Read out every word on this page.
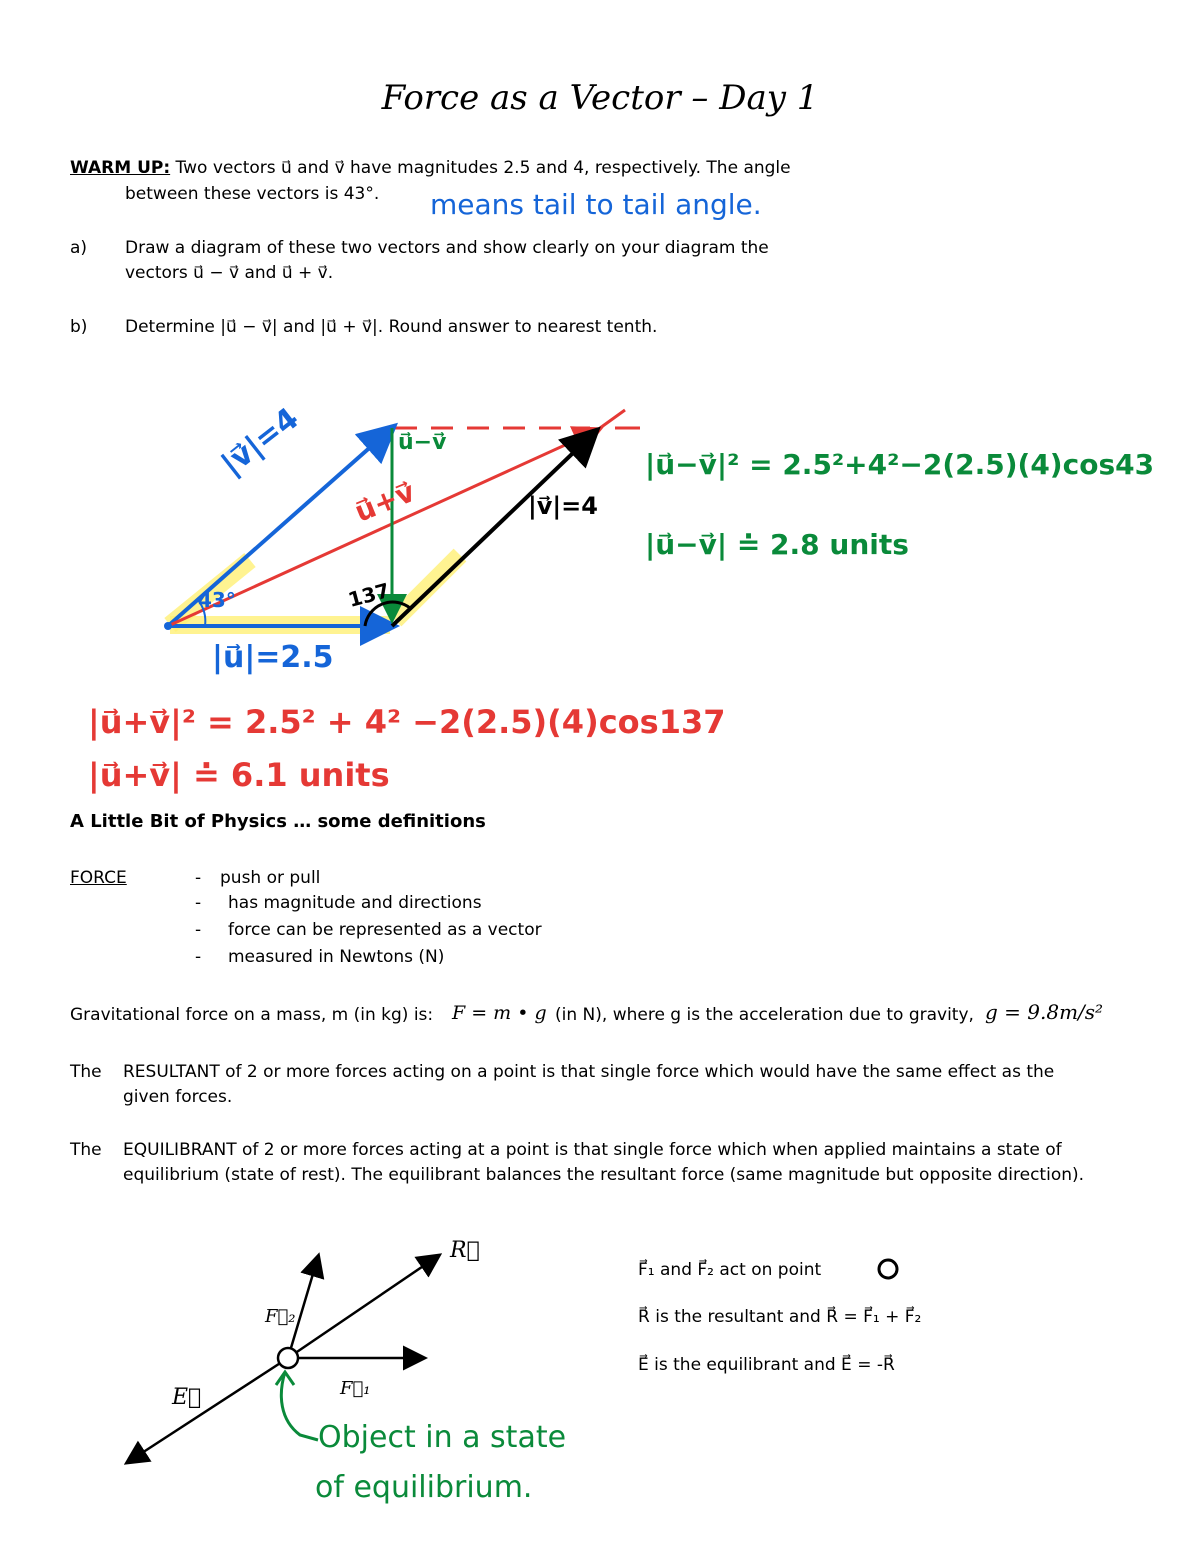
Force as a Vector – Day 1
WARM UP: Two vectors u⃗ and v⃗ have magnitudes 2.5 and 4, respectively. The angle
between these vectors is 43°. means tail to tail angle.
a) Draw a diagram of these two vectors and show clearly on your diagram the
vectors u⃗ − v⃗ and u⃗ + v⃗.
b) Determine |u⃗ − v⃗| and |u⃗ + v⃗|. Round answer to nearest tenth.
|v⃗|=4
43°
|u⃗|=2.5
137
u⃗−v⃗
u⃗+v⃗	|v⃗|=4
|u⃗−v⃗|² = 2.5²+4²−2(2.5)(4)cos43
|u⃗−v⃗| ≐ 2.8 units
|u⃗+v⃗|² = 2.5² + 4² −2(2.5)(4)cos137
|u⃗+v⃗| ≐ 6.1 units
A Little Bit of Physics … some definitions
FORCE	- push or pull
- has magnitude and directions
- force can be represented as a vector
- measured in Newtons (N)
Gravitational force on a mass, m (in kg) is: F = m • g (in N), where g is the acceleration due to gravity, g = 9.8m/s²
The RESULTANT of 2 or more forces acting on a point is that single force which would have the same effect as the
given forces.
The EQUILIBRANT of 2 or more forces acting at a point is that single force which when applied maintains a state of
equilibrium (state of rest). The equilibrant balances the resultant force (same magnitude but opposite direction).
R⃗
F⃗₂
F⃗₁
E⃗
Object in a state
of equilibrium.
F⃗₁ and F⃗₂ act on point
R⃗ is the resultant and R⃗ = F⃗₁ + F⃗₂
E⃗ is the equilibrant and E⃗ = -R⃗
